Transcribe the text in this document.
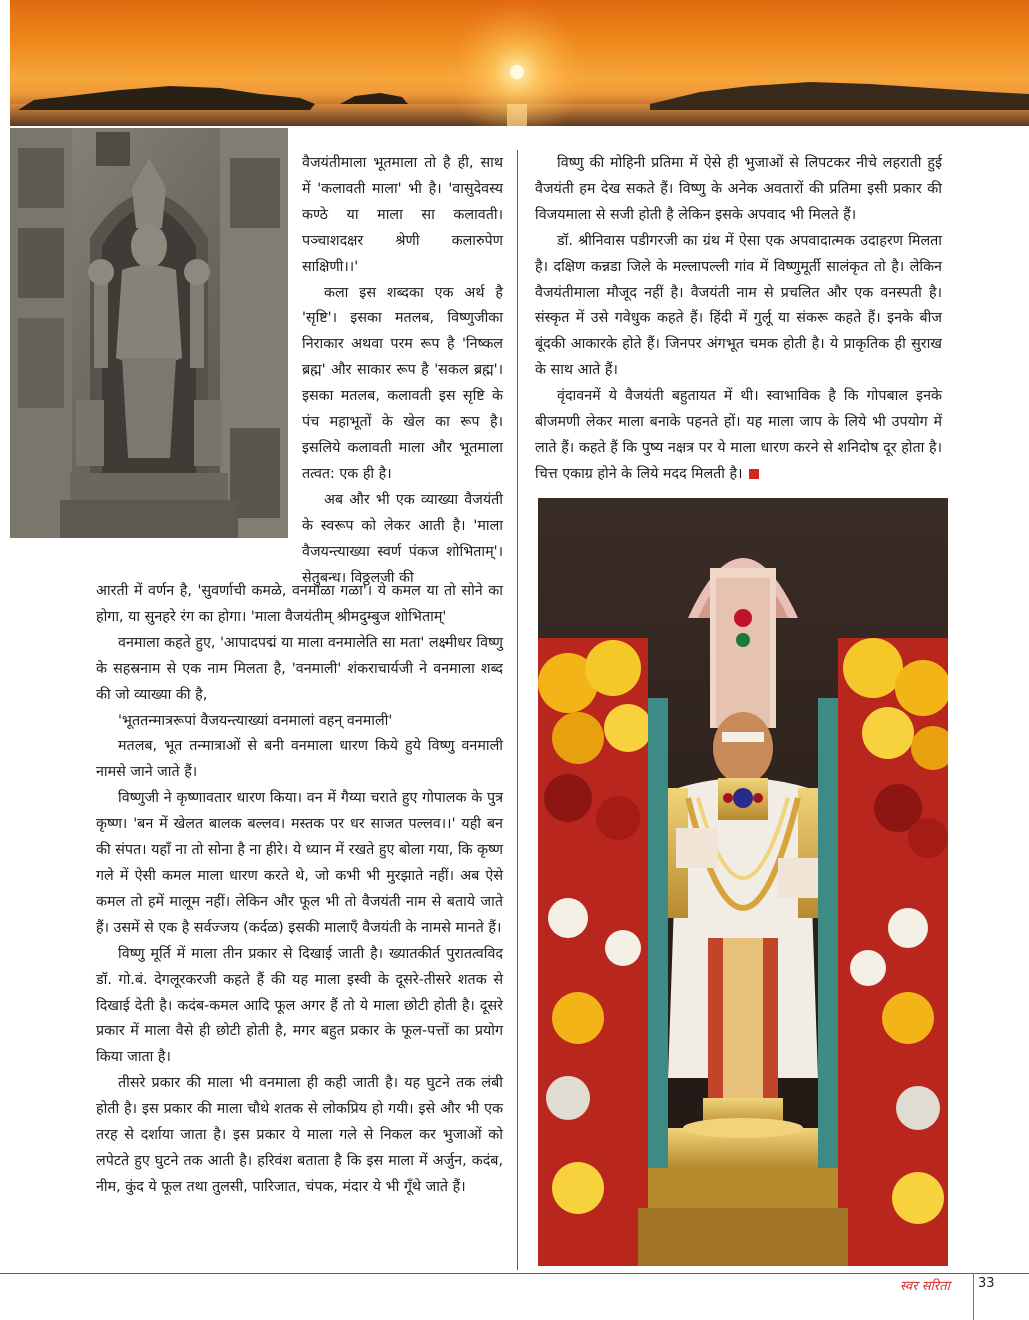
वैजयंतीमाला भूतमाला तो है ही, साथ में 'कलावती माला' भी है। 'वासुदेवस्य कण्ठे या माला सा कलावती। पञ्चाशदक्षर श्रेणी कलारुपेण साक्षिणी।।'

कला इस शब्दका एक अर्थ है 'सृष्टि'। इसका मतलब, विष्णुजीका निराकार अथवा परम रूप है 'निष्कल ब्रह्म' और साकार रूप है 'सकल ब्रह्म'। इसका मतलब, कलावती इस सृष्टि के पंच महाभूतों के खेल का रूप है। इसलिये कलावती माला और भूतमाला तत्वत: एक ही है।

अब और भी एक व्याख्या वैजयंती के स्वरूप को लेकर आती है। 'माला वैजयन्त्याख्या स्वर्ण पंकज शोभिताम्'। सेतुबन्ध। विठ्ठलजी की

आरती में वर्णन है, 'सुवर्णाची कमळे, वनमाळा गळा'। ये कमल या तो सोने का होगा, या सुनहरे रंग का होगा। 'माला वैजयंतीम् श्रीमदुम्बुज शोभिताम्'

वनमाला कहते हुए, 'आपादपद्मं या माला वनमालेति सा मता' लक्ष्मीधर विष्णु के सहस्रनाम से एक नाम मिलता है, 'वनमाली' शंकराचार्यजी ने वनमाला शब्द की जो व्याख्या की है,

'भूततन्मात्ररूपां वैजयन्त्याख्यां वनमालां वहन् वनमाली'

मतलब, भूत तन्मात्राओं से बनी वनमाला धारण किये हुये विष्णु वनमाली नामसे जाने जाते हैं।

विष्णुजी ने कृष्णावतार धारण किया। वन में गैय्या चराते हुए गोपालक के पुत्र कृष्ण। 'बन में खेलत बालक बल्लव। मस्तक पर धर साजत पल्लव।।' यही बन की संपत। यहाँ ना तो सोना है ना हीरे। ये ध्यान में रखते हुए बोला गया, कि कृष्ण गले में ऐसी कमल माला धारण करते थे, जो कभी भी मुरझाते नहीं। अब ऐसे कमल तो हमें मालूम नहीं। लेकिन और फूल भी तो वैजयंती नाम से बताये जाते हैं। उसमें से एक है सर्वज्जय (कर्दळ) इसकी मालाएँ वैजयंती के नामसे मानते हैं।

विष्णु मूर्ति में माला तीन प्रकार से दिखाई जाती है। ख्यातकीर्त पुरातत्वविद डॉ. गो.बं. देगलूरकरजी कहते हैं की यह माला इस्वी के दूसरे-तीसरे शतक से दिखाई देती है। कदंब-कमल आदि फूल अगर हैं तो ये माला छोटी होती है। दूसरे प्रकार में माला वैसे ही छोटी होती है, मगर बहुत प्रकार के फूल-पत्तों का प्रयोग किया जाता है।

तीसरे प्रकार की माला भी वनमाला ही कही जाती है। यह घुटने तक लंबी होती है। इस प्रकार की माला चौथे शतक से लोकप्रिय हो गयी। इसे और भी एक तरह से दर्शाया जाता है। इस प्रकार ये माला गले से निकल कर भुजाओं को लपेटते हुए घुटने तक आती है। हरिवंश बताता है कि इस माला में अर्जुन, कदंब, नीम, कुंद ये फूल तथा तुलसी, पारिजात, चंपक, मंदार ये भी गूँथे जाते हैं।

विष्णु की मोहिनी प्रतिमा में ऐसे ही भुजाओं से लिपटकर नीचे लहराती हुई वैजयंती हम देख सकते हैं। विष्णु के अनेक अवतारों की प्रतिमा इसी प्रकार की विजयमाला से सजी होती है लेकिन इसके अपवाद भी मिलते हैं।

डॉ. श्रीनिवास पडीगरजी का ग्रंथ में ऐसा एक अपवादात्मक उदाहरण मिलता है। दक्षिण कन्नडा जिले के मल्लापल्ली गांव में विष्णुमूर्ती सालंकृत तो है। लेकिन वैजयंतीमाला मौजूद नहीं है। वैजयंती नाम से प्रचलित और एक वनस्पती है। संस्कृत में उसे गवेधुक कहते हैं। हिंदी में गुर्लू या संकरू कहते हैं। इनके बीज बूंदकी आकारके होते हैं। जिनपर अंगभूत चमक होती है। ये प्राकृतिक ही सुराख के साथ आते हैं।

वृंदावनमें ये वैजयंती बहुतायत में थी। स्वाभाविक है कि गोपबाल इनके बीजमणी लेकर माला बनाके पहनते हों। यह माला जाप के लिये भी उपयोग में लाते हैं। कहते हैं कि पुष्य नक्षत्र पर ये माला धारण करने से शनिदोष दूर होता है। चित्त एकाग्र होने के लिये मदद मिलती है।

स्वर सरिता 33
